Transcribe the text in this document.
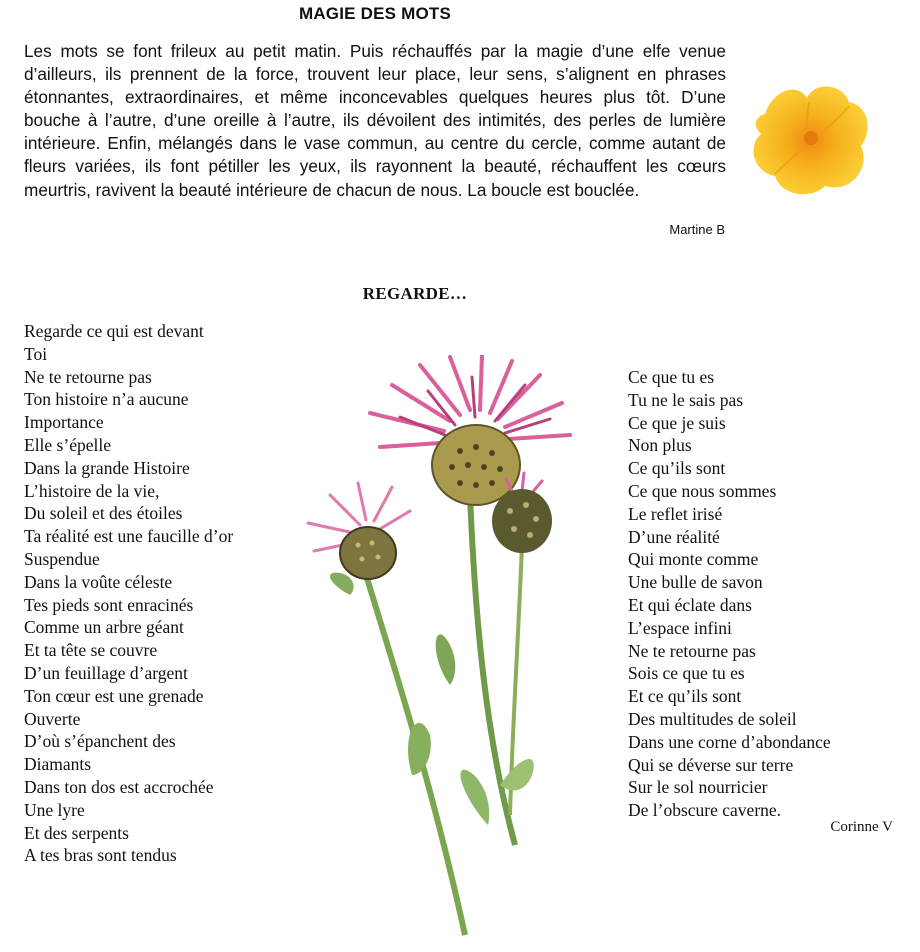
MAGIE DES MOTS

Les mots se font frileux au petit matin. Puis réchauffés par la magie d’une elfe venue d’ailleurs, ils prennent de la force, trouvent leur place, leur sens, s’alignent en phrases étonnantes, extraordinaires, et même inconcevables quelques heures plus tôt. D’une bouche à l’autre, d’une oreille à l’autre, ils dévoilent des intimités, des perles de lumière intérieure. Enfin, mélangés dans le vase commun, au centre du cercle, comme autant de fleurs variées, ils font pétiller les yeux, ils rayonnent la beauté, réchauffent les cœurs meurtris, ravivent la beauté intérieure de chacun de nous. La boucle est bouclée.

Martine B
REGARDE…
Regarde ce qui est devant
Toi
Ne te retourne pas
Ton histoire n’a aucune
Importance
Elle s’épelle
Dans la grande Histoire
L’histoire de la vie,
Du soleil et des étoiles
Ta réalité est une faucille d’or
Suspendue
Dans la voûte céleste
Tes pieds sont enracinés
Comme un arbre géant
Et ta tête se couvre
D’un feuillage d’argent
Ton cœur est une grenade
Ouverte
D’où s’épanchent des
Diamants
Dans ton dos est accrochée
Une lyre
Et des serpents
A tes bras sont tendus
Ce que tu es
Tu ne le sais pas
Ce que je suis
Non plus
Ce qu’ils sont
Ce que nous sommes
Le reflet irisé
D’une réalité
Qui monte comme
Une bulle de savon
Et qui éclate dans
L’espace infini
Ne te retourne pas
Sois ce que tu es
Et ce qu’ils sont
Des multitudes de soleil
Dans une corne d’abondance
Qui se déverse sur terre
Sur le sol nourricier
De l’obscure caverne.
Corinne V
